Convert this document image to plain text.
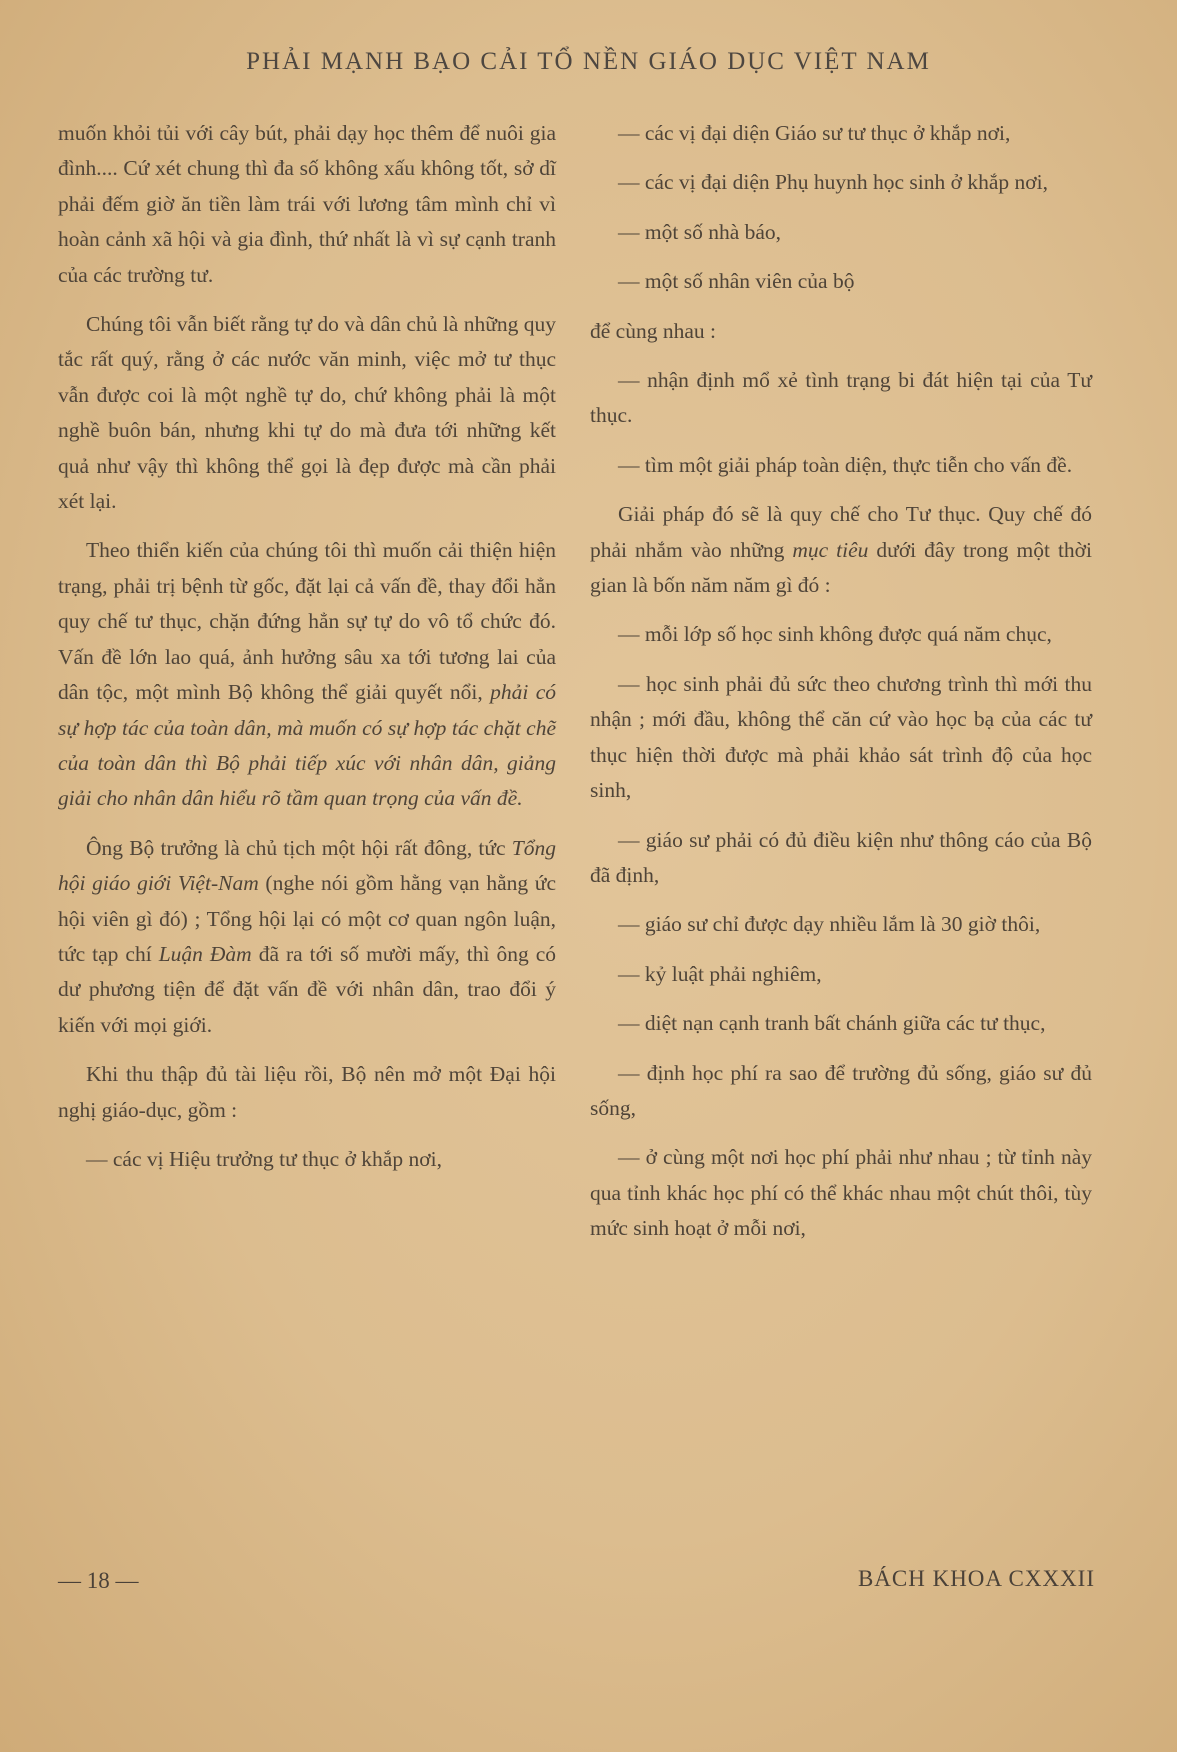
PHẢI MẠNH BẠO CẢI TỔ NỀN GIÁO DỤC VIỆT NAM

muốn khỏi tủi với cây bút, phải dạy học thêm để nuôi gia đình.... Cứ xét chung thì đa số không xấu không tốt, sở dĩ phải đếm giờ ăn tiền làm trái với lương tâm mình chỉ vì hoàn cảnh xã hội và gia đình, thứ nhất là vì sự cạnh tranh của các trường tư.

Chúng tôi vẫn biết rằng tự do và dân chủ là những quy tắc rất quý, rằng ở các nước văn minh, việc mở tư thục vẫn được coi là một nghề tự do, chứ không phải là một nghề buôn bán, nhưng khi tự do mà đưa tới những kết quả như vậy thì không thể gọi là đẹp được mà cần phải xét lại.

Theo thiển kiến của chúng tôi thì muốn cải thiện hiện trạng, phải trị bệnh từ gốc, đặt lại cả vấn đề, thay đổi hẳn quy chế tư thục, chặn đứng hẳn sự tự do vô tổ chức đó. Vấn đề lớn lao quá, ảnh hưởng sâu xa tới tương lai của dân tộc, một mình Bộ không thể giải quyết nổi, phải có sự hợp tác của toàn dân, mà muốn có sự hợp tác chặt chẽ của toàn dân thì Bộ phải tiếp xúc với nhân dân, giảng giải cho nhân dân hiểu rõ tầm quan trọng của vấn đề.

Ông Bộ trưởng là chủ tịch một hội rất đông, tức Tổng hội giáo giới Việt-Nam (nghe nói gồm hằng vạn hằng ức hội viên gì đó) ; Tổng hội lại có một cơ quan ngôn luận, tức tạp chí Luận Đàm đã ra tới số mười mấy, thì ông có dư phương tiện để đặt vấn đề với nhân dân, trao đổi ý kiến với mọi giới.

Khi thu thập đủ tài liệu rồi, Bộ nên mở một Đại hội nghị giáo-dục, gồm :

— các vị Hiệu trưởng tư thục ở khắp nơi,

— các vị đại diện Giáo sư tư thục ở khắp nơi,

— các vị đại diện Phụ huynh học sinh ở khắp nơi,

— một số nhà báo,

— một số nhân viên của bộ

để cùng nhau :

— nhận định mổ xẻ tình trạng bi đát hiện tại của Tư thục.

— tìm một giải pháp toàn diện, thực tiễn cho vấn đề.

Giải pháp đó sẽ là quy chế cho Tư thục. Quy chế đó phải nhắm vào những mục tiêu dưới đây trong một thời gian là bốn năm năm gì đó :

— mỗi lớp số học sinh không được quá năm chục,

— học sinh phải đủ sức theo chương trình thì mới thu nhận ; mới đầu, không thể căn cứ vào học bạ của các tư thục hiện thời được mà phải khảo sát trình độ của học sinh,

— giáo sư phải có đủ điều kiện như thông cáo của Bộ đã định,

— giáo sư chỉ được dạy nhiều lắm là 30 giờ thôi,

— kỷ luật phải nghiêm,

— diệt nạn cạnh tranh bất chánh giữa các tư thục,

— định học phí ra sao để trường đủ sống, giáo sư đủ sống,

— ở cùng một nơi học phí phải như nhau ; từ tỉnh này qua tỉnh khác học phí có thể khác nhau một chút thôi, tùy mức sinh hoạt ở mỗi nơi,

— 18 —	BÁCH KHOA CXXXII
